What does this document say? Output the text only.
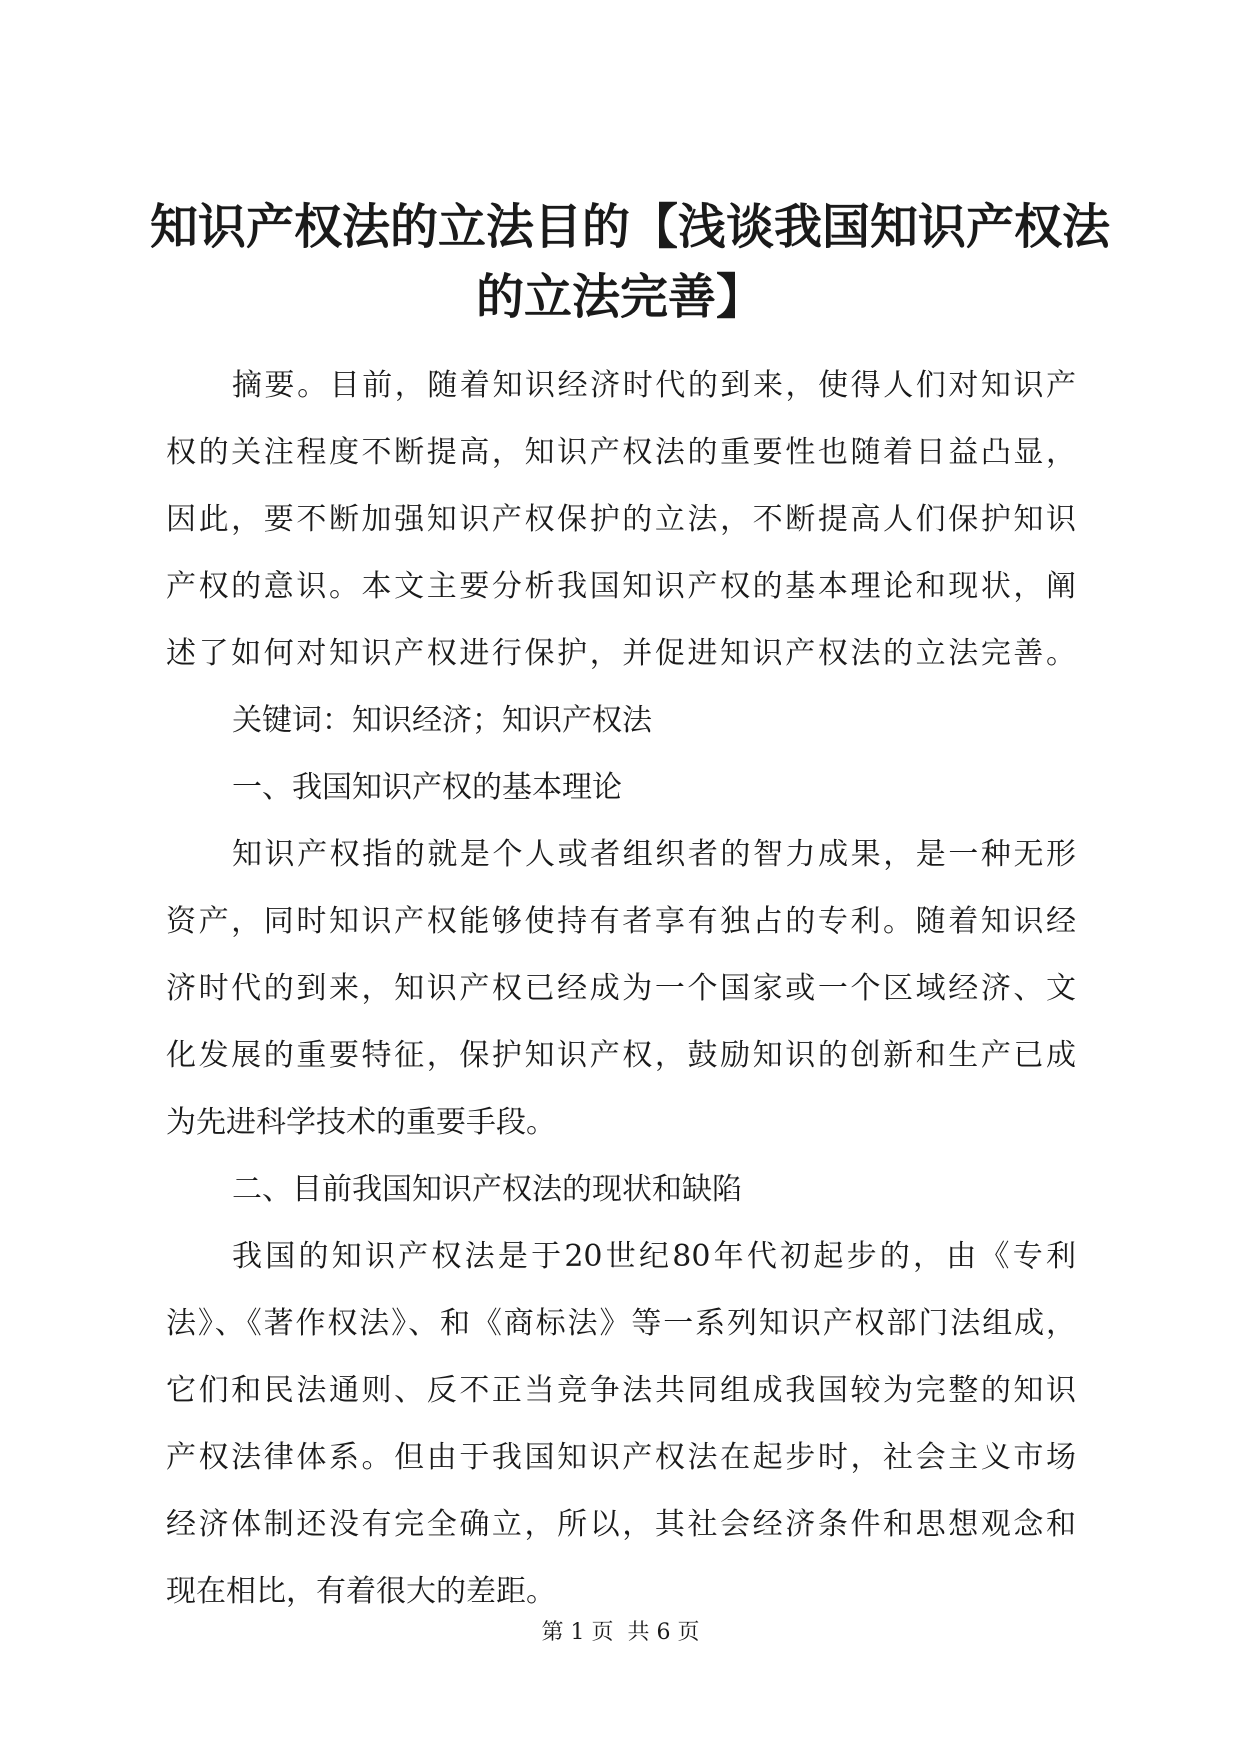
知识产权法的立法目的【浅谈我国知识产权法
的立法完善】
摘要。目前，随着知识经济时代的到来，使得人们对知识产
权的关注程度不断提高，知识产权法的重要性也随着日益凸显，
因此，要不断加强知识产权保护的立法，不断提高人们保护知识
产权的意识。本文主要分析我国知识产权的基本理论和现状，阐
述了如何对知识产权进行保护，并促进知识产权法的立法完善。
关键词：知识经济；知识产权法
一、我国知识产权的基本理论
知识产权指的就是个人或者组织者的智力成果，是一种无形
资产，同时知识产权能够使持有者享有独占的专利。随着知识经
济时代的到来，知识产权已经成为一个国家或一个区域经济、文
化发展的重要特征，保护知识产权，鼓励知识的创新和生产已成
为先进科学技术的重要手段。
二、目前我国知识产权法的现状和缺陷
我国的知识产权法是于20世纪80年代初起步的，由《专利
法》、《著作权法》、和《商标法》等一系列知识产权部门法组成，
它们和民法通则、反不正当竞争法共同组成我国较为完整的知识
产权法律体系。但由于我国知识产权法在起步时，社会主义市场
经济体制还没有完全确立，所以，其社会经济条件和思想观念和
现在相比，有着很大的差距。
第 1 页  共 6 页
